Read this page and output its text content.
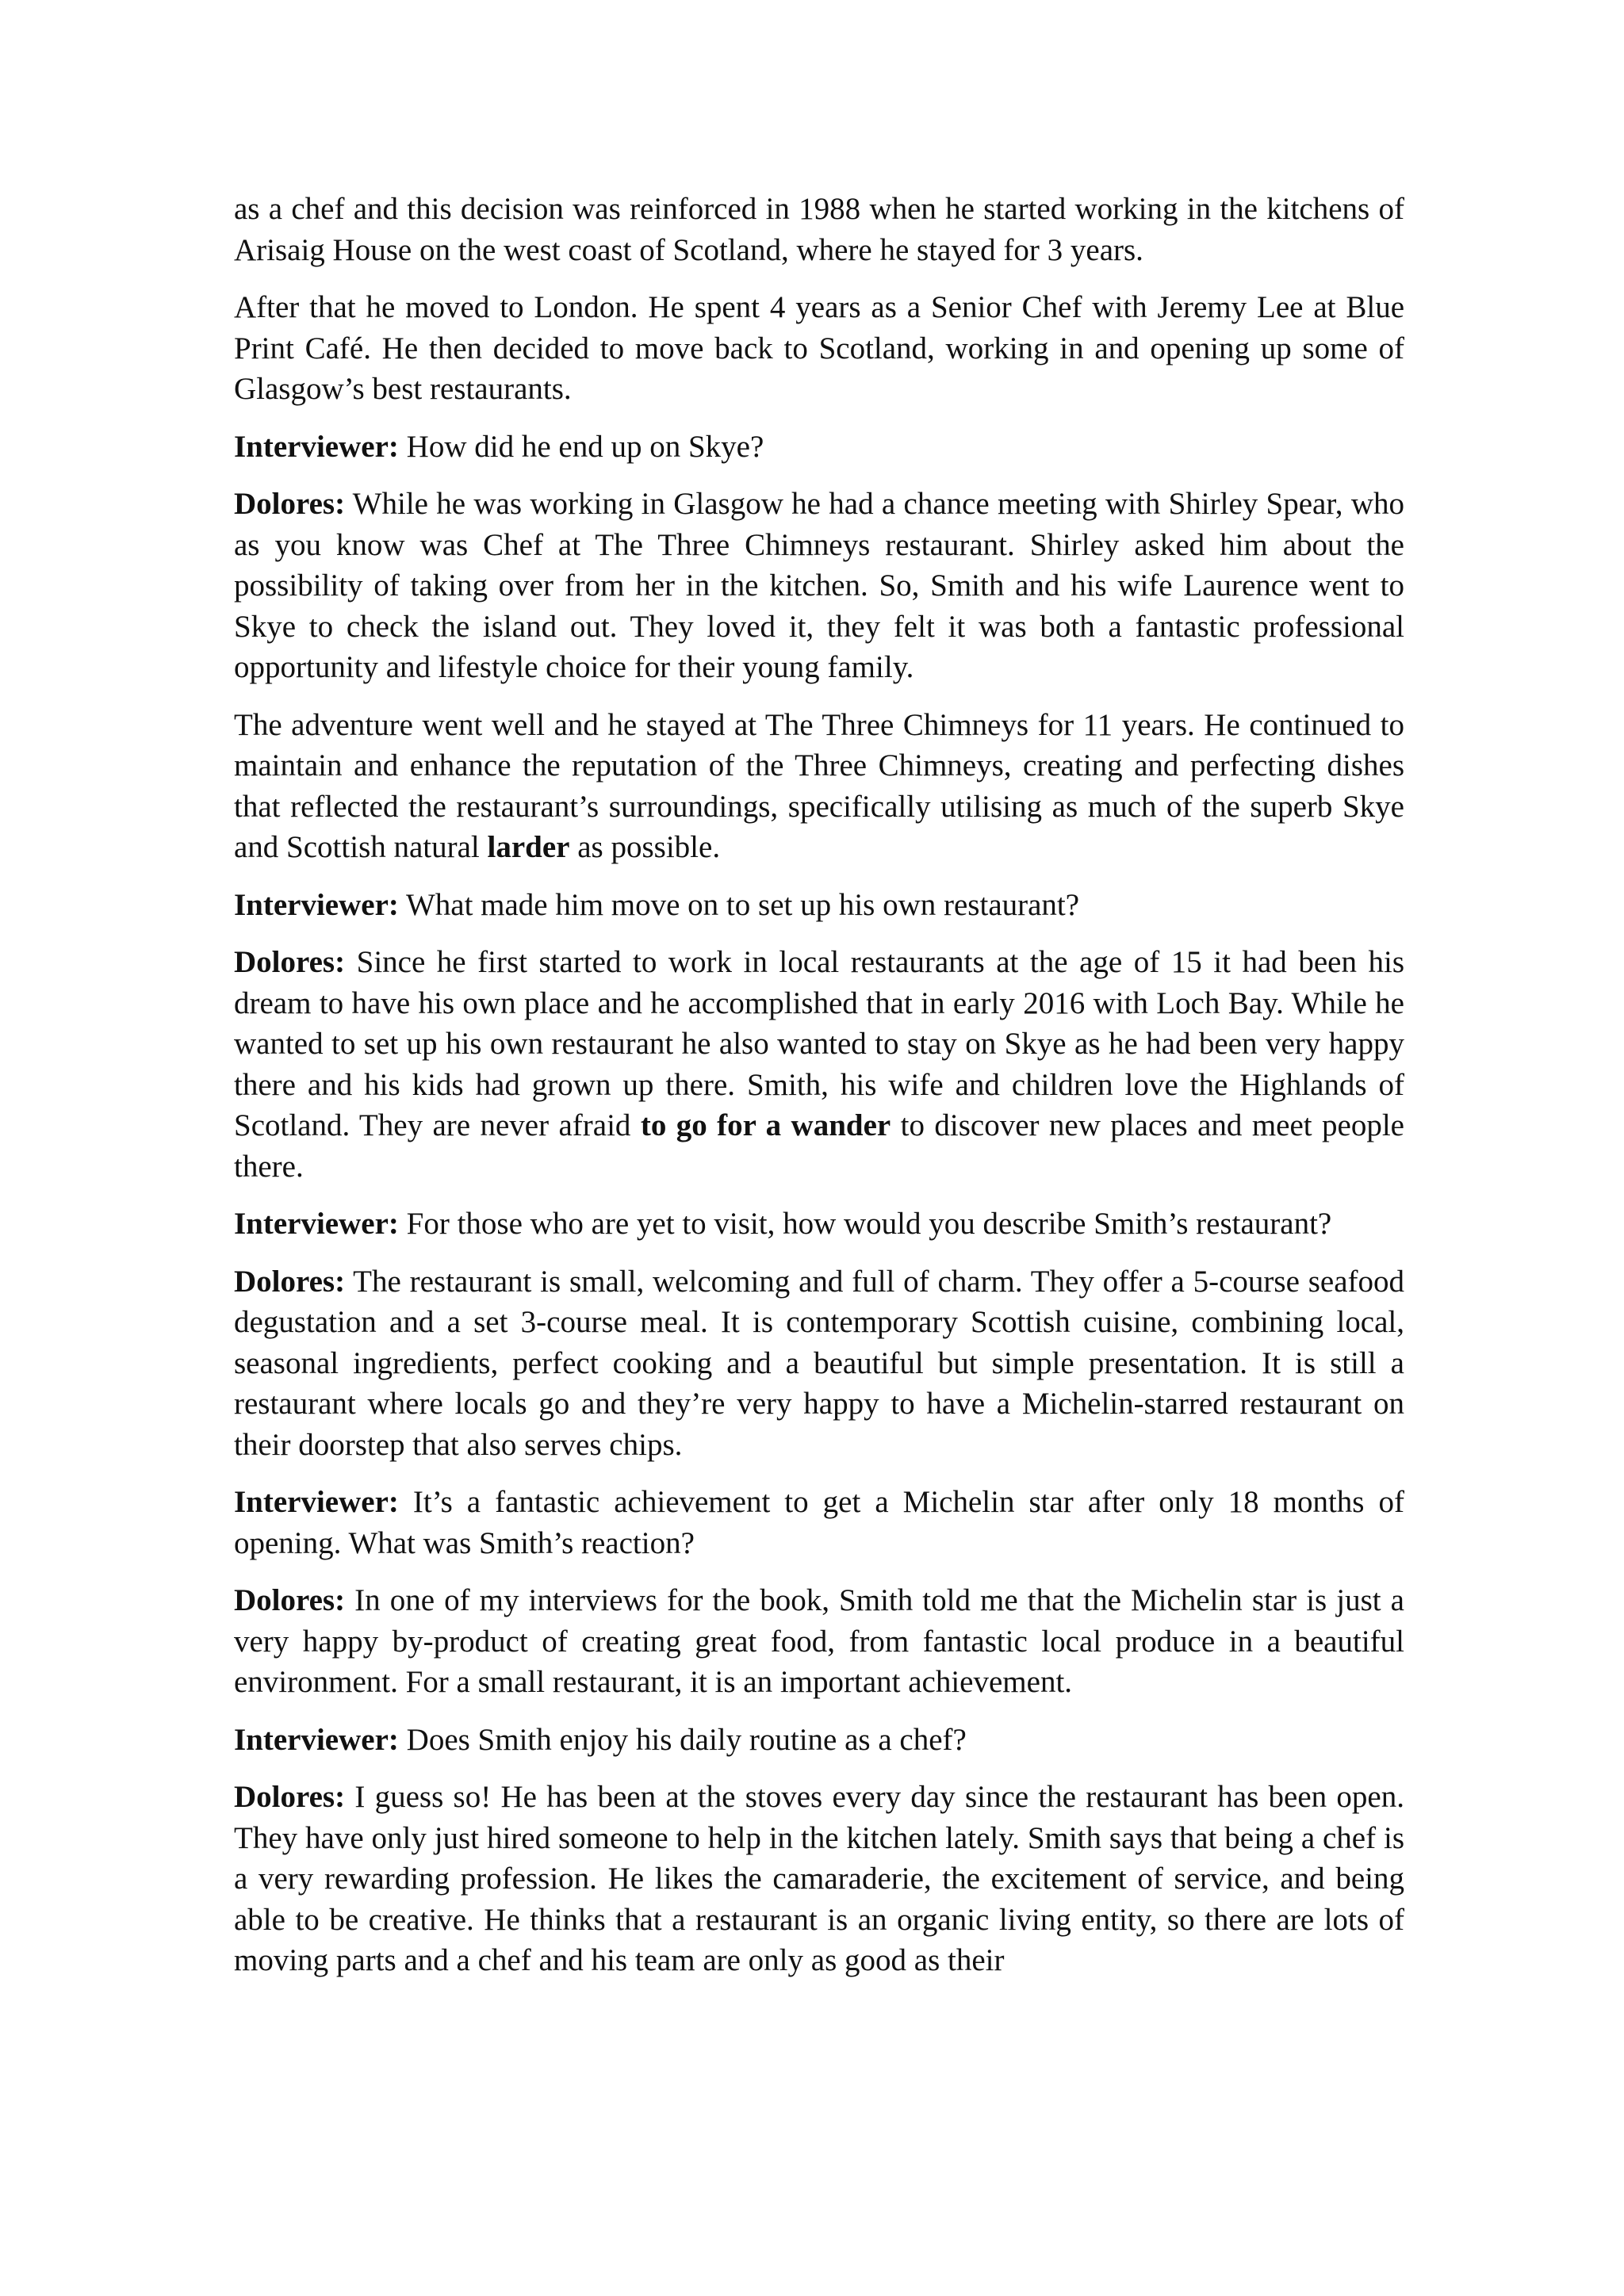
as a chef and this decision was reinforced in 1988 when he started working in the kitchens of Arisaig House on the west coast of Scotland, where he stayed for 3 years.

After that he moved to London. He spent 4 years as a Senior Chef with Jeremy Lee at Blue Print Café. He then decided to move back to Scotland, working in and opening up some of Glasgow’s best restaurants.

Interviewer: How did he end up on Skye?

Dolores: While he was working in Glasgow he had a chance meeting with Shirley Spear, who as you know was Chef at The Three Chimneys restaurant. Shirley asked him about the possibility of taking over from her in the kitchen. So, Smith and his wife Laurence went to Skye to check the island out. They loved it, they felt it was both a fantastic professional opportunity and lifestyle choice for their young family.

The adventure went well and he stayed at The Three Chimneys for 11 years. He continued to maintain and enhance the reputation of the Three Chimneys, creating and perfecting dishes that reflected the restaurant’s surroundings, specifically utilising as much of the superb Skye and Scottish natural larder as possible.

Interviewer: What made him move on to set up his own restaurant?

Dolores: Since he first started to work in local restaurants at the age of 15 it had been his dream to have his own place and he accomplished that in early 2016 with Loch Bay. While he wanted to set up his own restaurant he also wanted to stay on Skye as he had been very happy there and his kids had grown up there. Smith, his wife and children love the Highlands of Scotland. They are never afraid to go for a wander to discover new places and meet people there.

Interviewer: For those who are yet to visit, how would you describe Smith’s restaurant?

Dolores: The restaurant is small, welcoming and full of charm. They offer a 5-course seafood degustation and a set 3-course meal. It is contemporary Scottish cuisine, combining local, seasonal ingredients, perfect cooking and a beautiful but simple presentation. It is still a restaurant where locals go and they’re very happy to have a Michelin-starred restaurant on their doorstep that also serves chips.

Interviewer: It’s a fantastic achievement to get a Michelin star after only 18 months of opening. What was Smith’s reaction?

Dolores: In one of my interviews for the book, Smith told me that the Michelin star is just a very happy by-product of creating great food, from fantastic local produce in a beautiful environment. For a small restaurant, it is an important achievement.

Interviewer: Does Smith enjoy his daily routine as a chef?

Dolores: I guess so! He has been at the stoves every day since the restaurant has been open. They have only just hired someone to help in the kitchen lately. Smith says that being a chef is a very rewarding profession. He likes the camaraderie, the excitement of service, and being able to be creative. He thinks that a restaurant is an organic living entity, so there are lots of moving parts and a chef and his team are only as good as their
